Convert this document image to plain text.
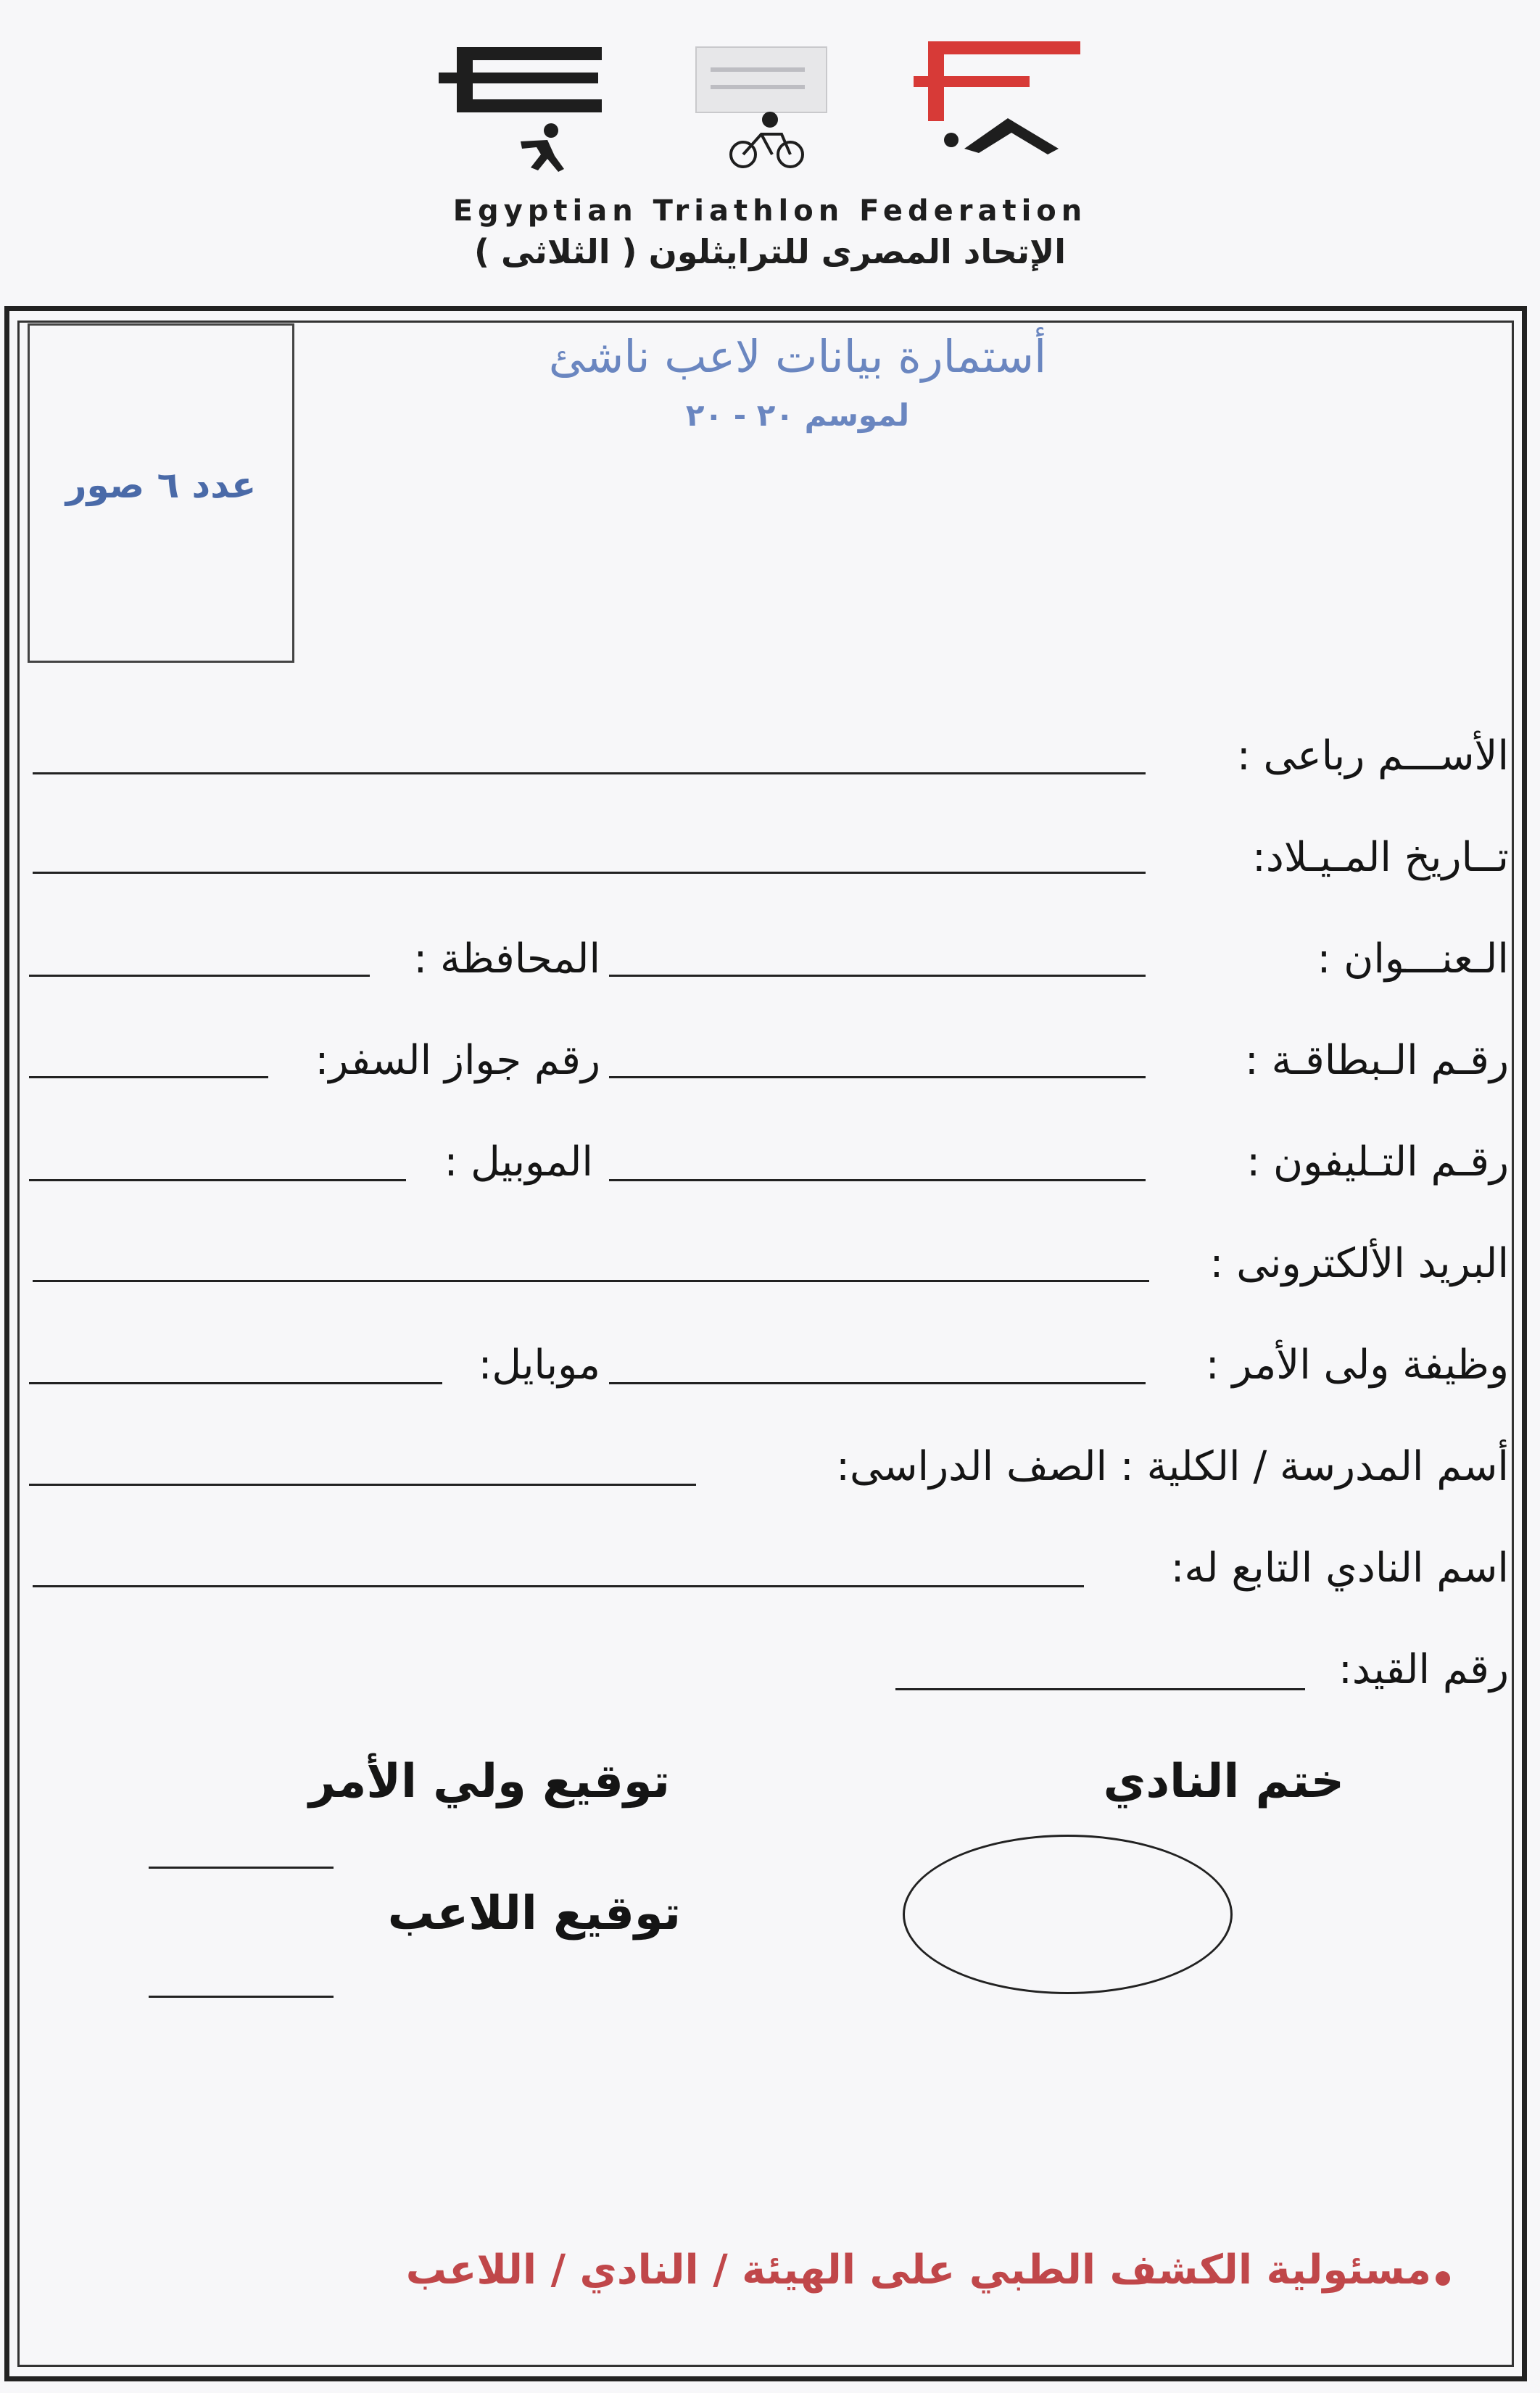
Egyptian Triathlon Federation
الإتحاد المصرى للترايثلون ( الثلاثى )
عدد ٦ صور
أستمارة بيانات لاعب ناشئ
لموسم ٢٠ - ٢٠
الأســـم رباعى :
تــاريخ المـيـلاد:
الـعنـــوان :
المحافظة :
رقـم الـبطاقـة :
رقم جواز السفر:
رقـم التـليفون :
الموبيل :
البريد الألكترونى :
وظيفة ولى الأمر :
موبايل:
أسم المدرسة / الكلية : الصف الدراسى:
اسم النادي التابع له:
رقم القيد:
ختم النادي
توقيع ولي الأمر
توقيع اللاعب
مسئولية الكشف الطبي على الهيئة / النادي / اللاعب
